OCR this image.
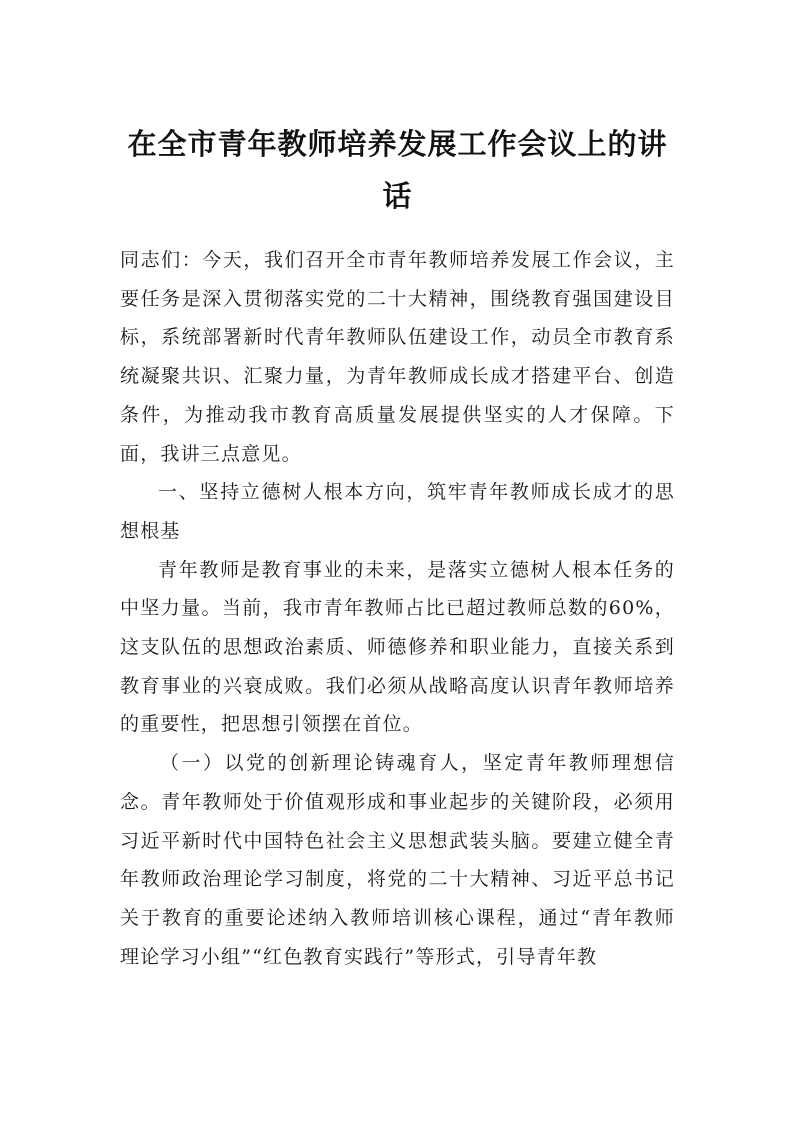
在全市青年教师培养发展工作会议上的讲话

同志们：今天，我们召开全市青年教师培养发展工作会议，主要任务是深入贯彻落实党的二十大精神，围绕教育强国建设目标，系统部署新时代青年教师队伍建设工作，动员全市教育系统凝聚共识、汇聚力量，为青年教师成长成才搭建平台、创造条件，为推动我市教育高质量发展提供坚实的人才保障。下面，我讲三点意见。

一、坚持立德树人根本方向，筑牢青年教师成长成才的思想根基

青年教师是教育事业的未来，是落实立德树人根本任务的中坚力量。当前，我市青年教师占比已超过教师总数的60%，这支队伍的思想政治素质、师德修养和职业能力，直接关系到教育事业的兴衰成败。我们必须从战略高度认识青年教师培养的重要性，把思想引领摆在首位。

（一）以党的创新理论铸魂育人，坚定青年教师理想信念。青年教师处于价值观形成和事业起步的关键阶段，必须用习近平新时代中国特色社会主义思想武装头脑。要建立健全青年教师政治理论学习制度，将党的二十大精神、习近平总书记关于教育的重要论述纳入教师培训核心课程，通过“青年教师理论学习小组”“红色教育实践行”等形式，引导青年教
